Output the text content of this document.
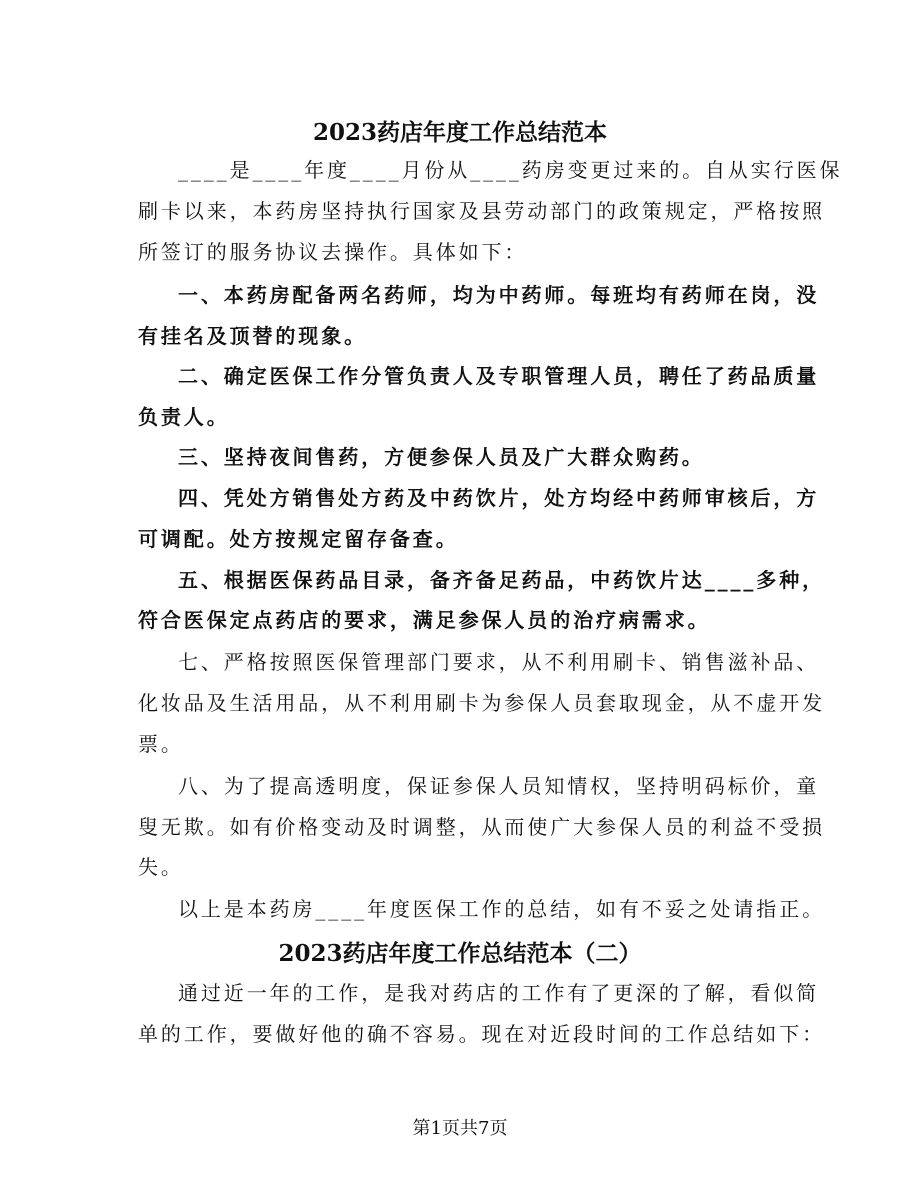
2023药店年度工作总结范本
____是____年度____月份从____药房变更过来的。自从实行医保
刷卡以来，本药房坚持执行国家及县劳动部门的政策规定，严格按照
所签订的服务协议去操作。具体如下：
一、本药房配备两名药师，均为中药师。每班均有药师在岗，没
有挂名及顶替的现象。
二、确定医保工作分管负责人及专职管理人员，聘任了药品质量
负责人。
三、坚持夜间售药，方便参保人员及广大群众购药。
四、凭处方销售处方药及中药饮片，处方均经中药师审核后，方
可调配。处方按规定留存备查。
五、根据医保药品目录，备齐备足药品，中药饮片达____多种，
符合医保定点药店的要求，满足参保人员的治疗病需求。
七、严格按照医保管理部门要求，从不利用刷卡、销售滋补品、
化妆品及生活用品，从不利用刷卡为参保人员套取现金，从不虚开发
票。
八、为了提高透明度，保证参保人员知情权，坚持明码标价，童
叟无欺。如有价格变动及时调整，从而使广大参保人员的利益不受损
失。
以上是本药房____年度医保工作的总结，如有不妥之处请指正。
2023药店年度工作总结范本（二）
通过近一年的工作，是我对药店的工作有了更深的了解，看似简
单的工作，要做好他的确不容易。现在对近段时间的工作总结如下：
第1页共7页
